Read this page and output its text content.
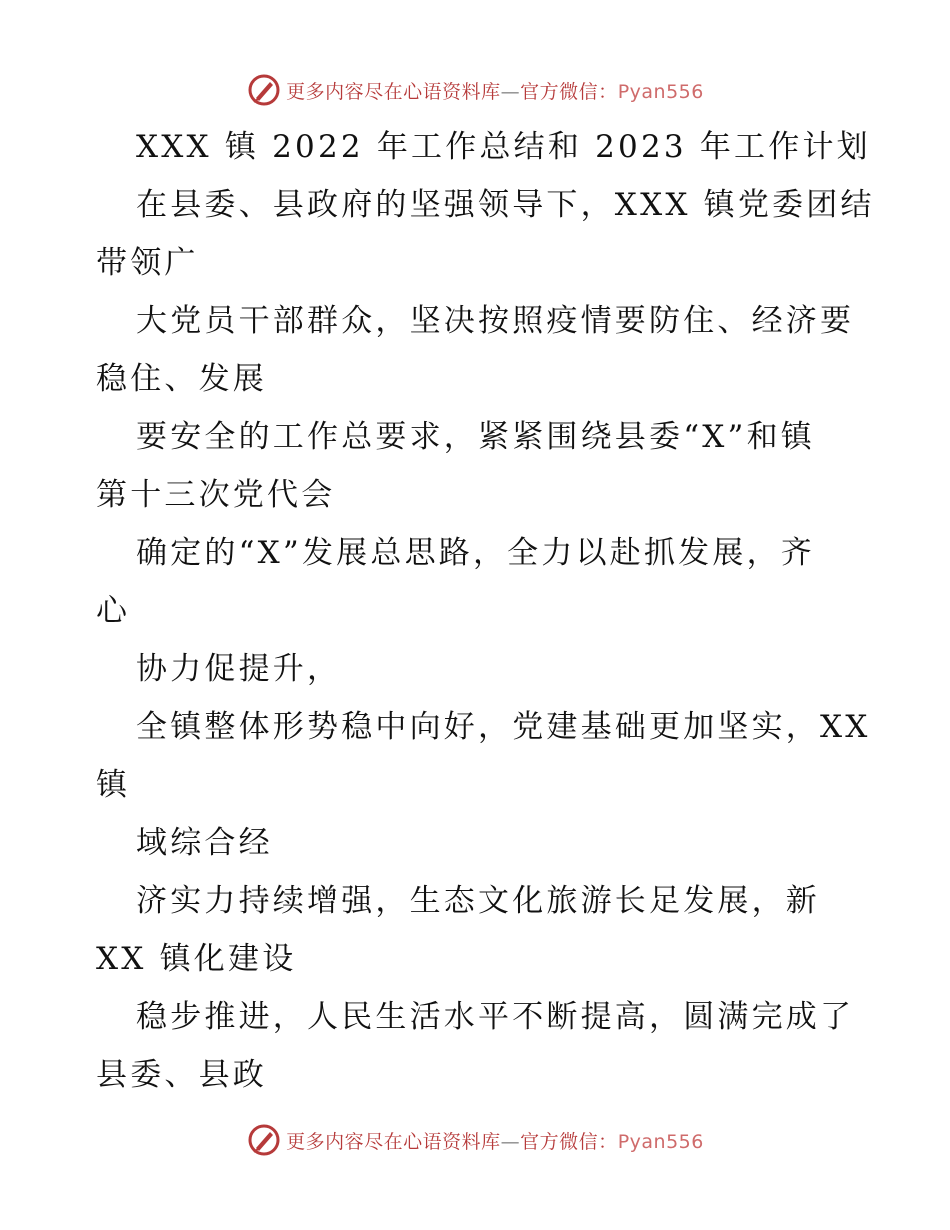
更多内容尽在心语资料库—官方微信：Pyan556
XXX 镇 2022 年工作总结和 2023 年工作计划
在县委、县政府的坚强领导下，XXX 镇党委团结
带领广
大党员干部群众，坚决按照疫情要防住、经济要
稳住、发展
要安全的工作总要求，紧紧围绕县委“X”和镇
第十三次党代会
确定的“X”发展总思路，全力以赴抓发展，齐
心
协力促提升，
全镇整体形势稳中向好，党建基础更加坚实，XX
镇
域综合经
济实力持续增强，生态文化旅游长足发展，新
XX 镇化建设
稳步推进，人民生活水平不断提高，圆满完成了
县委、县政
更多内容尽在心语资料库—官方微信：Pyan556
